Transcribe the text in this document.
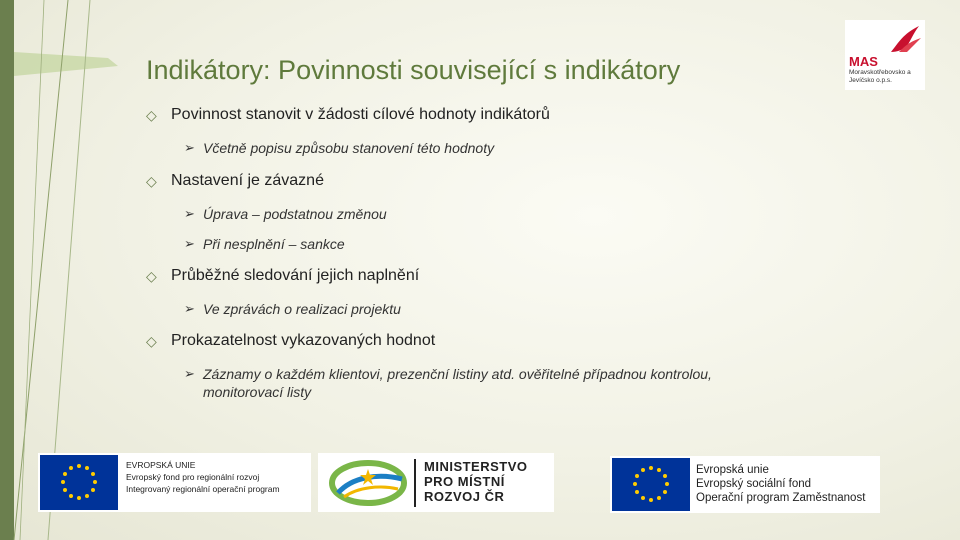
Indikátory: Povinnosti související s indikátory
◇ Povinnost stanovit v žádosti cílové hodnoty indikátorů
➢ Včetně popisu způsobu stanovení této hodnoty
◇ Nastavení je závazné
➢ Úprava – podstatnou změnou
➢ Při nesplnění – sankce
◇ Průběžné sledování jejich naplnění
➢ Ve zprávách o realizaci projektu
◇ Prokazatelnost vykazovaných hodnot
➢ Záznamy o každém klientovi, prezenční listiny atd. ověřitelné případnou kontrolou, monitorovací listy
MAS
Moravskotřebovsko a Jevíčsko o.p.s.
EVROPSKÁ UNIE
Evropský fond pro regionální rozvoj
Integrovaný regionální operační program
MINISTERSTVO
PRO MÍSTNÍ
ROZVOJ ČR
Evropská unie
Evropský sociální fond
Operační program Zaměstnanost
